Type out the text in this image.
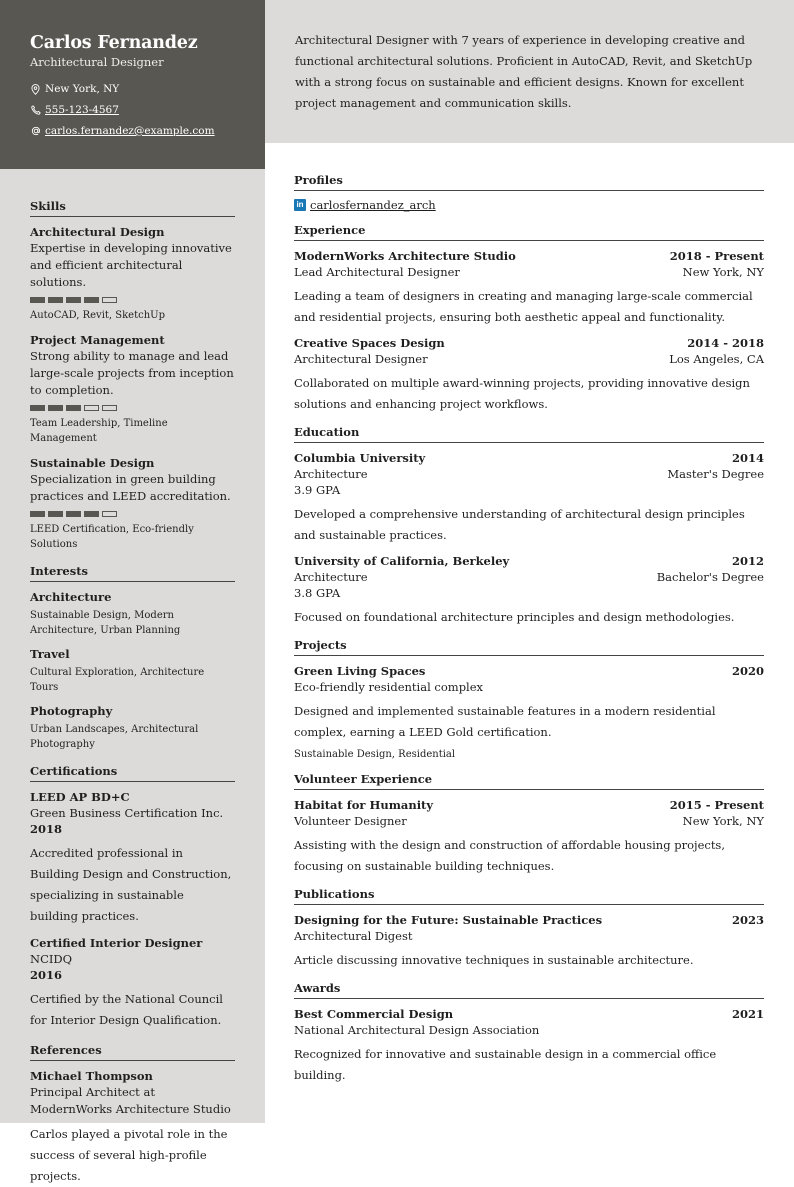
Carlos Fernandez
Architectural Designer
New York, NY
555-123-4567
carlos.fernandez@example.com
Architectural Designer with 7 years of experience in developing creative and functional architectural solutions. Proficient in AutoCAD, Revit, and SketchUp with a strong focus on sustainable and efficient designs. Known for excellent project management and communication skills.
Skills
Architectural Design
Expertise in developing innovative and efficient architectural solutions.
AutoCAD, Revit, SketchUp
Project Management
Strong ability to manage and lead large-scale projects from inception to completion.
Team Leadership, Timeline Management
Sustainable Design
Specialization in green building practices and LEED accreditation.
LEED Certification, Eco-friendly Solutions
Interests
Architecture
Sustainable Design, Modern Architecture, Urban Planning
Travel
Cultural Exploration, Architecture Tours
Photography
Urban Landscapes, Architectural Photography
Certifications
LEED AP BD+C
Green Business Certification Inc.
2018
Accredited professional in Building Design and Construction, specializing in sustainable building practices.
Certified Interior Designer
NCIDQ
2016
Certified by the National Council for Interior Design Qualification.
References
Michael Thompson
Principal Architect at ModernWorks Architecture Studio
Carlos played a pivotal role in the success of several high-profile projects.
Profiles
in carlosfernandez_arch
Experience
ModernWorks Architecture Studio	2018 - Present
Lead Architectural Designer	New York, NY
Leading a team of designers in creating and managing large-scale commercial and residential projects, ensuring both aesthetic appeal and functionality.
Creative Spaces Design	2014 - 2018
Architectural Designer	Los Angeles, CA
Collaborated on multiple award-winning projects, providing innovative design solutions and enhancing project workflows.
Education
Columbia University	2014
Architecture	Master's Degree
3.9 GPA
Developed a comprehensive understanding of architectural design principles and sustainable practices.
University of California, Berkeley	2012
Architecture	Bachelor's Degree
3.8 GPA
Focused on foundational architecture principles and design methodologies.
Projects
Green Living Spaces	2020
Eco-friendly residential complex
Designed and implemented sustainable features in a modern residential complex, earning a LEED Gold certification.
Sustainable Design, Residential
Volunteer Experience
Habitat for Humanity	2015 - Present
Volunteer Designer	New York, NY
Assisting with the design and construction of affordable housing projects, focusing on sustainable building techniques.
Publications
Designing for the Future: Sustainable Practices	2023
Architectural Digest
Article discussing innovative techniques in sustainable architecture.
Awards
Best Commercial Design	2021
National Architectural Design Association
Recognized for innovative and sustainable design in a commercial office building.
